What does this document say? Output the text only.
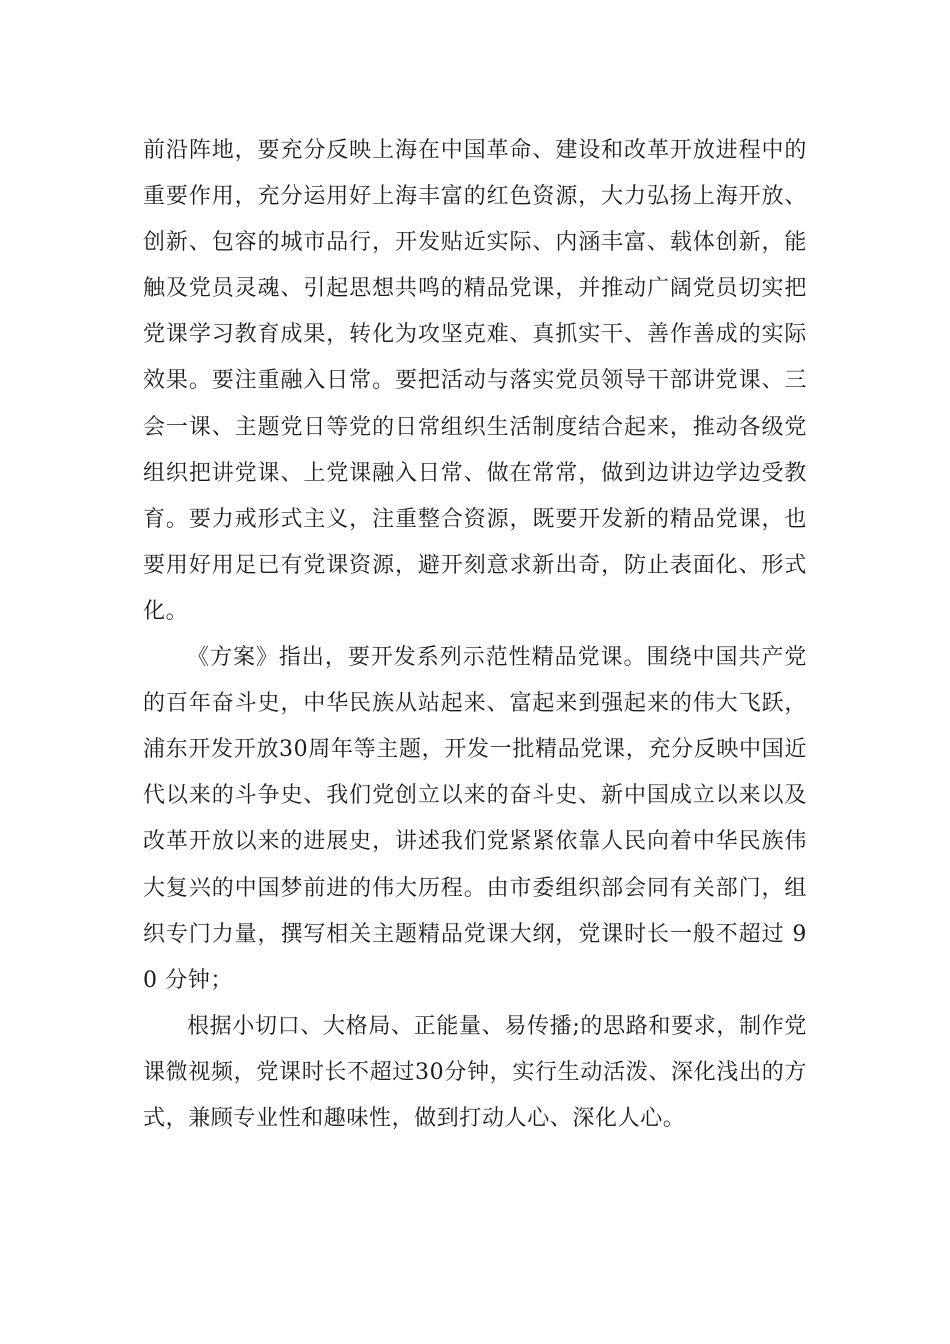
前沿阵地，要充分反映上海在中国革命、建设和改革开放进程中的重要作用，充分运用好上海丰富的红色资源，大力弘扬上海开放、创新、包容的城市品行，开发贴近实际、内涵丰富、载体创新，能触及党员灵魂、引起思想共鸣的精品党课，并推动广阔党员切实把党课学习教育成果，转化为攻坚克难、真抓实干、善作善成的实际效果。要注重融入日常。要把活动与落实党员领导干部讲党课、三会一课、主题党日等党的日常组织生活制度结合起来，推动各级党组织把讲党课、上党课融入日常、做在常常，做到边讲边学边受教育。要力戒形式主义，注重整合资源，既要开发新的精品党课，也要用好用足已有党课资源，避开刻意求新出奇，防止表面化、形式化。

《方案》指出，要开发系列示范性精品党课。围绕中国共产党的百年奋斗史，中华民族从站起来、富起来到强起来的伟大飞跃，浦东开发开放30周年等主题，开发一批精品党课，充分反映中国近代以来的斗争史、我们党创立以来的奋斗史、新中国成立以来以及改革开放以来的进展史，讲述我们党紧紧依靠人民向着中华民族伟大复兴的中国梦前进的伟大历程。由市委组织部会同有关部门，组织专门力量，撰写相关主题精品党课大纲，党课时长一般不超过 90 分钟；

根据小切口、大格局、正能量、易传播;的思路和要求，制作党课微视频，党课时长不超过30分钟，实行生动活泼、深化浅出的方式，兼顾专业性和趣味性，做到打动人心、深化人心。
